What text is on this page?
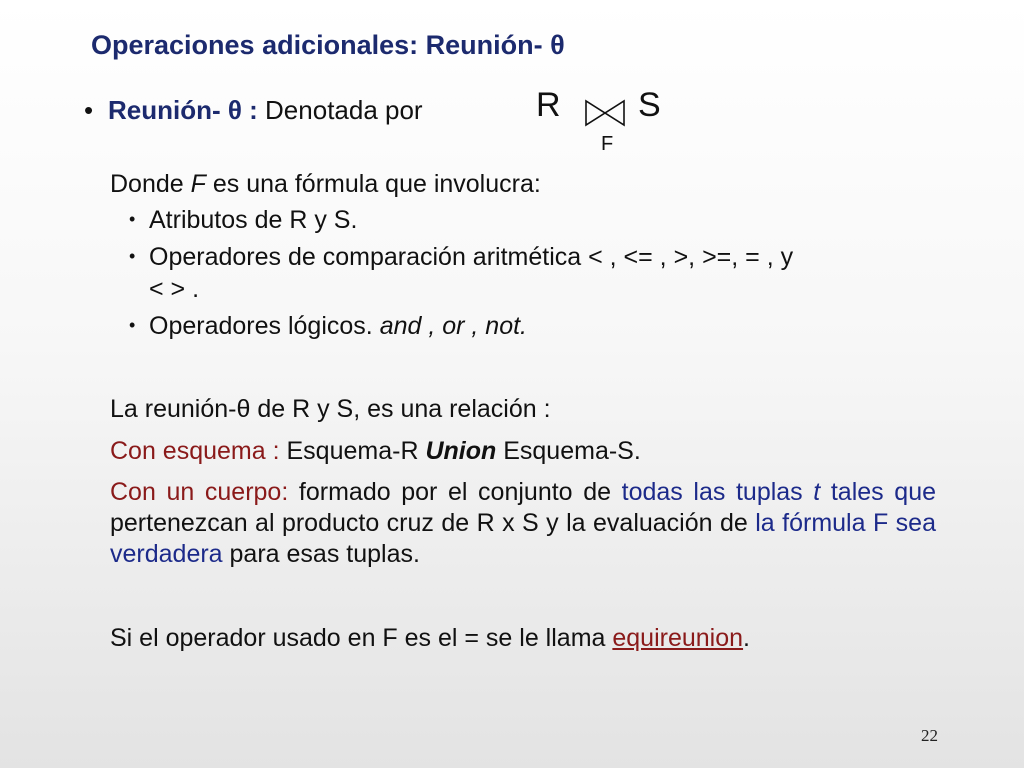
Operaciones adicionales: Reunión- θ
• Reunión- θ : Denotada por	R S
F
Donde F es una fórmula que involucra:
• Atributos de R y S.
• Operadores de comparación aritmética < , <= , >, >=, = , y
< > .
• Operadores lógicos. and , or , not.
La reunión-θ de R y S, es una relación :
Con esquema : Esquema-R Union Esquema-S.
Con un cuerpo: formado por el conjunto de todas las tuplas t tales que pertenezcan al producto cruz de R x S y la evaluación de la fórmula F sea verdadera para esas tuplas.
Si el operador usado en F es el = se le llama equireunion.
22
